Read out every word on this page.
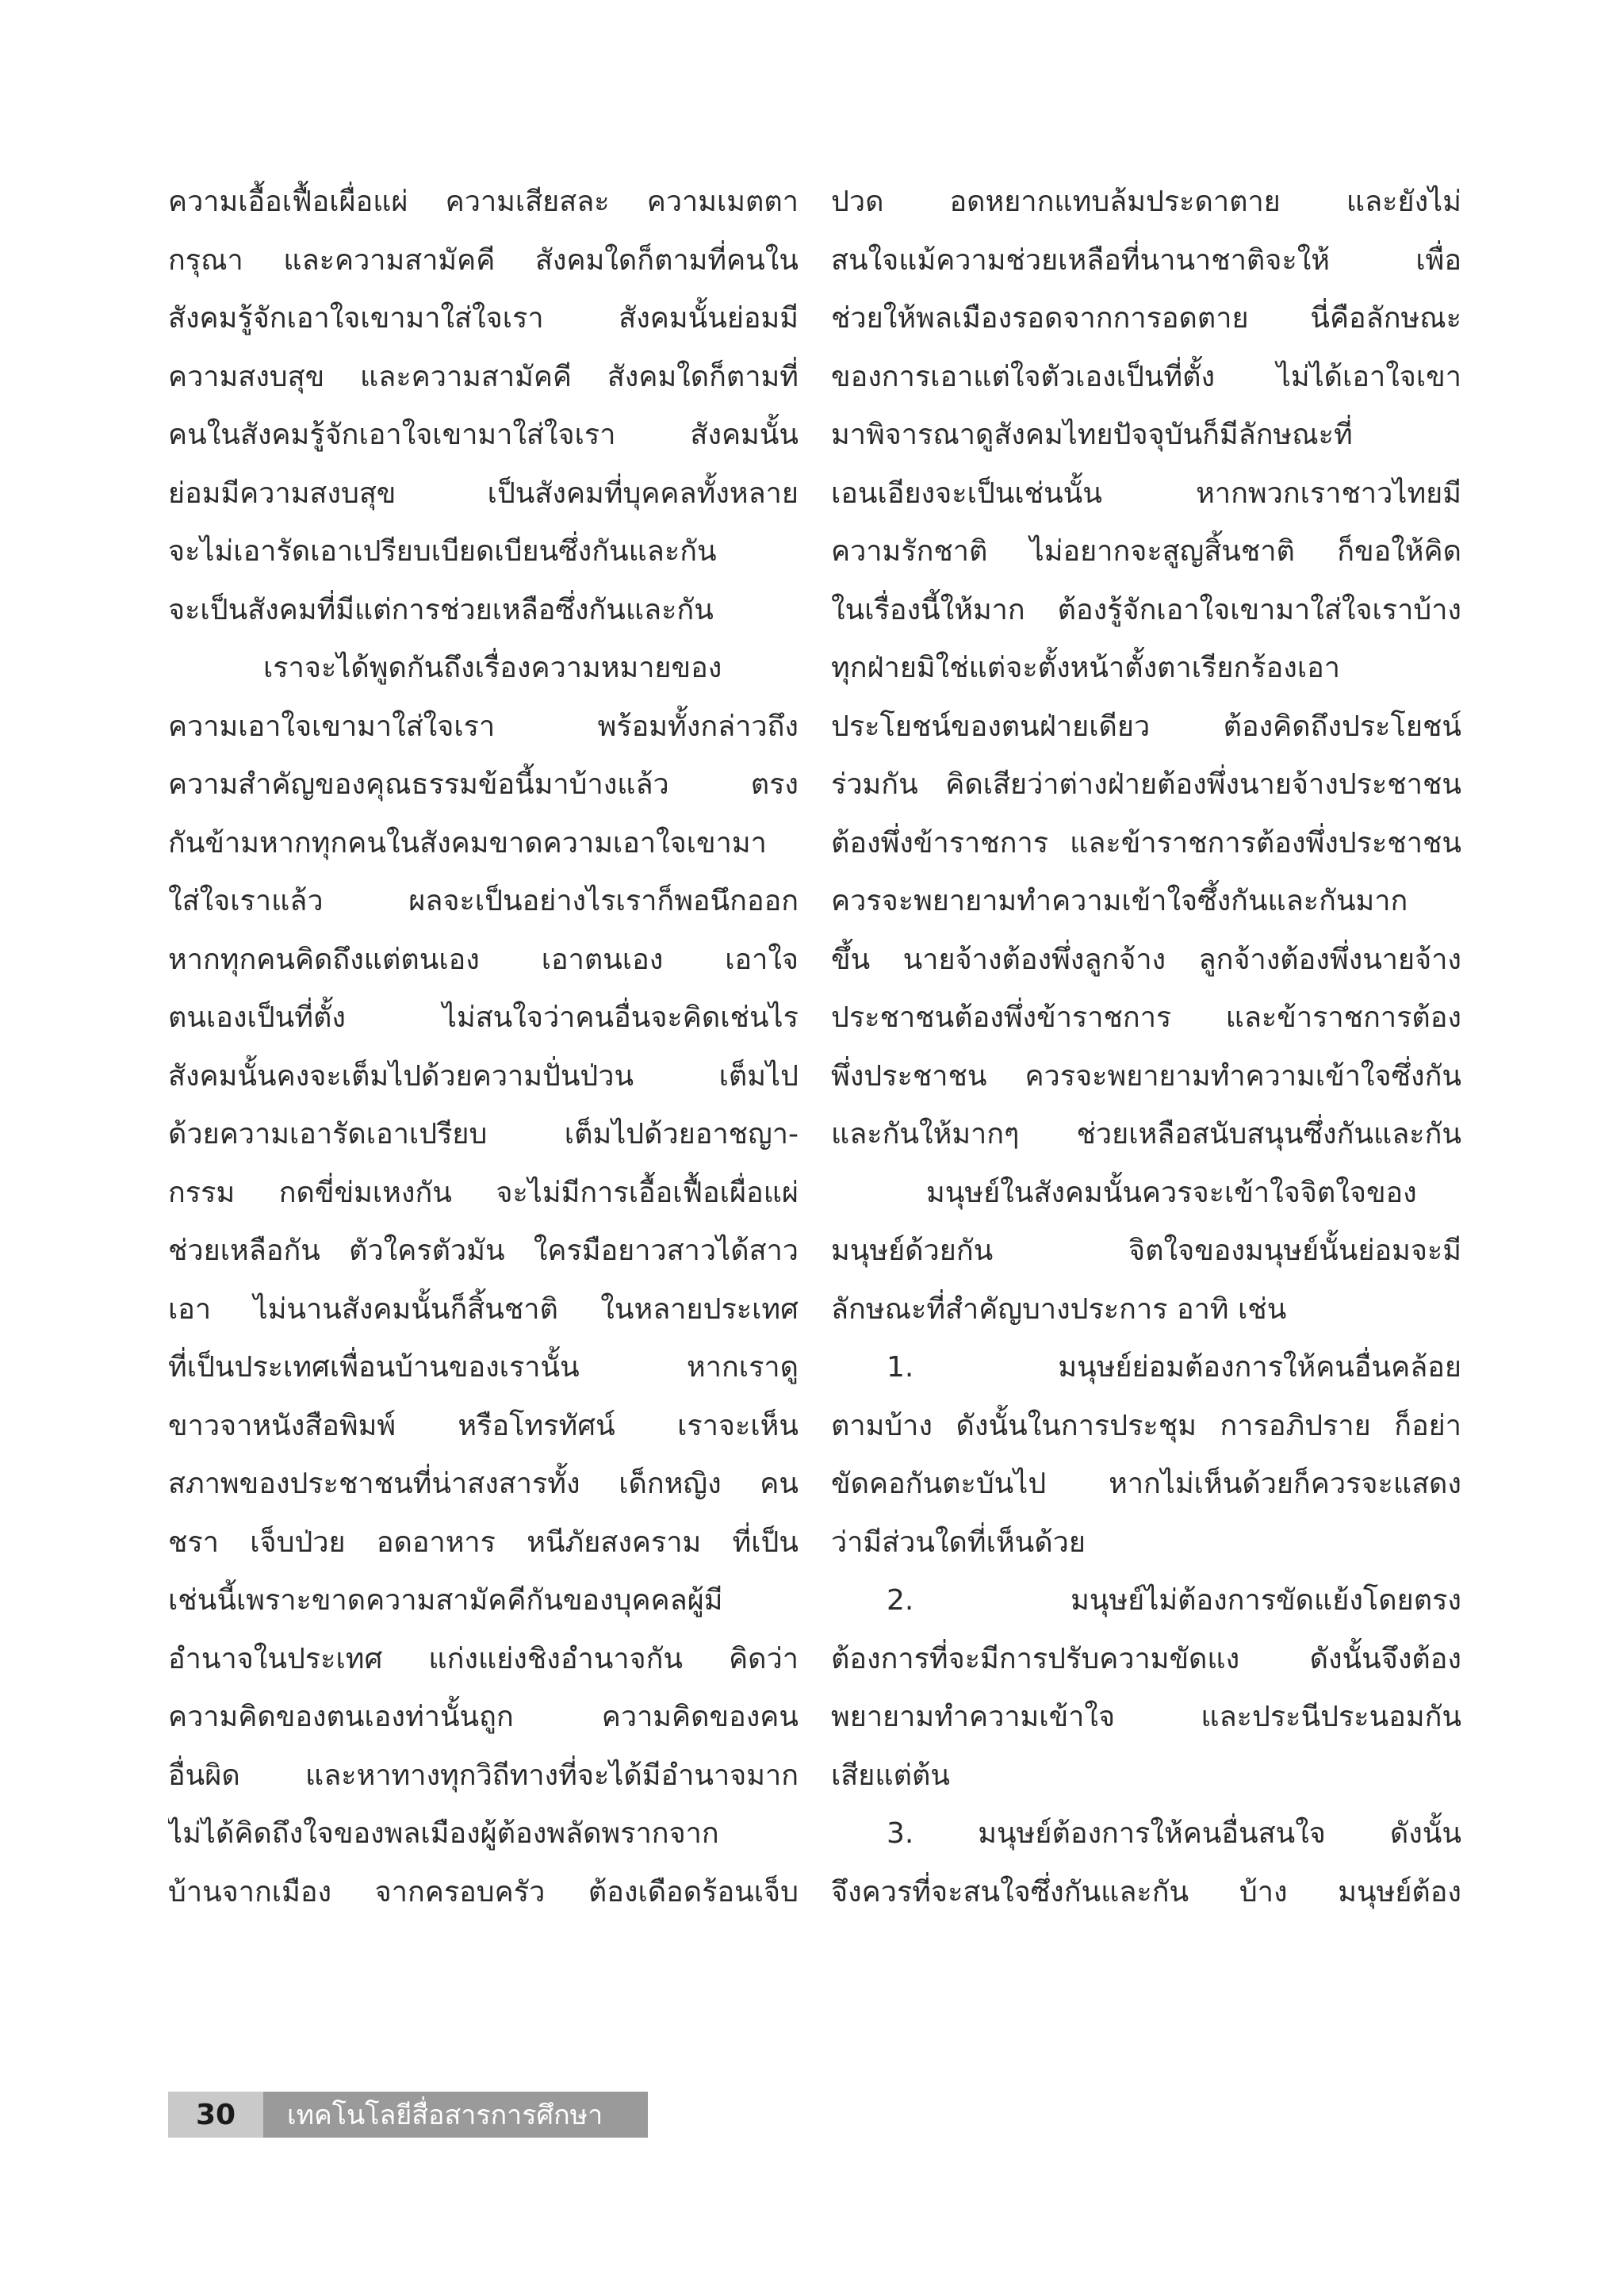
ความเอื้อเฟื้อเผื่อแผ่ ความเสียสละ ความเมตตา
กรุณา และความสามัคคี สังคมใดก็ตามที่คนใน
สังคมรู้จักเอาใจเขามาใส่ใจเรา สังคมนั้นย่อมมี
ความสงบสุข และความสามัคคี สังคมใดก็ตามที่
คนในสังคมรู้จักเอาใจเขามาใส่ใจเรา สังคมนั้น
ย่อมมีความสงบสุข เป็นสังคมที่บุคคลทั้งหลาย
จะไม่เอารัดเอาเปรียบเบียดเบียนซึ่งกันและกัน
จะเป็นสังคมที่มีแต่การช่วยเหลือซึ่งกันและกัน
เราจะได้พูดกันถึงเรื่องความหมายของ
ความเอาใจเขามาใส่ใจเรา พร้อมทั้งกล่าวถึง
ความสำคัญของคุณธรรมข้อนี้มาบ้างแล้ว ตรง
กันข้ามหากทุกคนในสังคมขาดความเอาใจเขามา
ใส่ใจเราแล้ว ผลจะเป็นอย่างไรเราก็พอนึกออก
หากทุกคนคิดถึงแต่ตนเอง เอาตนเอง เอาใจ
ตนเองเป็นที่ตั้ง ไม่สนใจว่าคนอื่นจะคิดเช่นไร
สังคมนั้นคงจะเต็มไปด้วยความปั่นป่วน เต็มไป
ด้วยความเอารัดเอาเปรียบ เต็มไปด้วยอาชญา-
กรรม กดขี่ข่มเหงกัน จะไม่มีการเอื้อเฟื้อเผื่อแผ่
ช่วยเหลือกัน ตัวใครตัวมัน ใครมือยาวสาวได้สาว
เอา ไม่นานสังคมนั้นก็สิ้นชาติ ในหลายประเทศ
ที่เป็นประเทศเพื่อนบ้านของเรานั้น หากเราดู
ขาวจาหนังสือพิมพ์ หรือโทรทัศน์ เราจะเห็น
สภาพของประชาชนที่น่าสงสารทั้ง เด็กหญิง คน
ชรา เจ็บป่วย อดอาหาร หนีภัยสงคราม ที่เป็น
เช่นนี้เพราะขาดความสามัคคีกันของบุคคลผู้มี
อำนาจในประเทศ แก่งแย่งชิงอำนาจกัน คิดว่า
ความคิดของตนเองท่านั้นถูก ความคิดของคน
อื่นผิด และหาทางทุกวิถีทางที่จะได้มีอำนาจมาก
ไม่ได้คิดถึงใจของพลเมืองผู้ต้องพลัดพรากจาก
บ้านจากเมือง จากครอบครัว ต้องเดือดร้อนเจ็บ
ปวด อดหยากแทบล้มประดาตาย และยังไม่
สนใจแม้ความช่วยเหลือที่นานาชาติจะให้ เพื่อ
ช่วยให้พลเมืองรอดจากการอดตาย นี่คือลักษณะ
ของการเอาแต่ใจตัวเองเป็นที่ตั้ง ไม่ได้เอาใจเขา
มาพิจารณาดูสังคมไทยปัจจุบันก็มีลักษณะที่
เอนเอียงจะเป็นเช่นนั้น หากพวกเราชาวไทยมี
ความรักชาติ ไม่อยากจะสูญสิ้นชาติ ก็ขอให้คิด
ในเรื่องนี้ให้มาก ต้องรู้จักเอาใจเขามาใส่ใจเราบ้าง
ทุกฝ่ายมิใช่แต่จะตั้งหน้าตั้งตาเรียกร้องเอา
ประโยชน์ของตนฝ่ายเดียว ต้องคิดถึงประโยชน์
ร่วมกัน คิดเสียว่าต่างฝ่ายต้องพึ่งนายจ้างประชาชน
ต้องพึ่งข้าราชการ และข้าราชการต้องพึ่งประชาชน
ควรจะพยายามทำความเข้าใจซึ้งกันและกันมาก
ขึ้น นายจ้างต้องพึ่งลูกจ้าง ลูกจ้างต้องพึ่งนายจ้าง
ประชาชนต้องพึ่งข้าราชการ และข้าราชการต้อง
พึ่งประชาชน ควรจะพยายามทำความเข้าใจซึ่งกัน
และกันให้มากๆ ช่วยเหลือสนับสนุนซึ่งกันและกัน
มนุษย์ในสังคมนั้นควรจะเข้าใจจิตใจของ
มนุษย์ด้วยกัน จิตใจของมนุษย์นั้นย่อมจะมี
ลักษณะที่สำคัญบางประการ อาทิ เช่น
1. มนุษย์ย่อมต้องการให้คนอื่นคล้อย
ตามบ้าง ดังนั้นในการประชุม การอภิปราย ก็อย่า
ขัดคอกันตะบันไป หากไม่เห็นด้วยก็ควรจะแสดง
ว่ามีส่วนใดที่เห็นด้วย
2. มนุษย์ไม่ต้องการขัดแย้งโดยตรง
ต้องการที่จะมีการปรับความขัดแง ดังนั้นจึงต้อง
พยายามทำความเข้าใจ และประนีประนอมกัน
เสียแต่ต้น
3. มนุษย์ต้องการให้คนอื่นสนใจ ดังนั้น
จึงควรที่จะสนใจซึ่งกันและกัน บ้าง มนุษย์ต้อง
30	เทคโนโลยีสื่อสารการศึกษา
